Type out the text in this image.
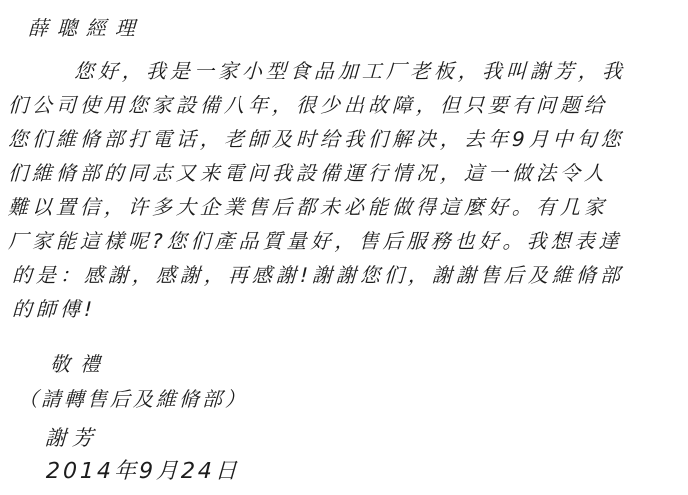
薛聰經理
您好，我是一家小型食品加工厂老板，我叫謝芳，我
们公司使用您家設備八年，很少出故障，但只要有问题给
您们維脩部打電话，老師及时给我们解决，去年9月中旬您
们維脩部的同志又来電问我設備運行情况，這一做法令人
難以置信，许多大企業售后都未必能做得這麼好。有几家
厂家能這樣呢?您们產品質量好，售后服務也好。我想表達
的是：感謝，感謝，再感謝!謝謝您们，謝謝售后及維脩部
的師傅!
敬禮
（請轉售后及維脩部）
謝芳
2014年9月24日
